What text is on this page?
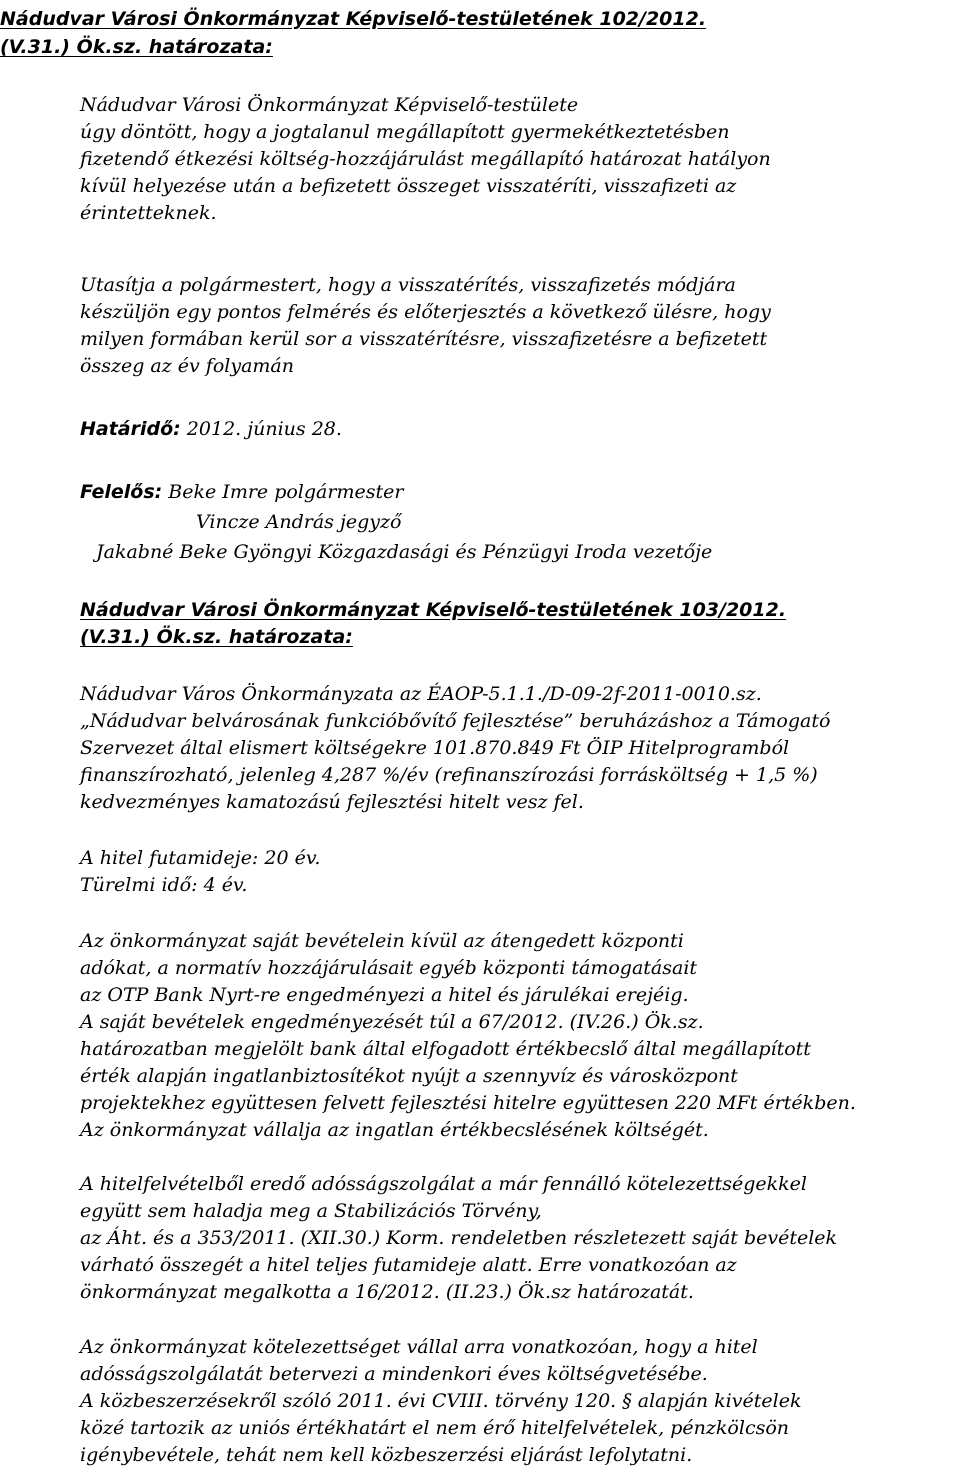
Nádudvar Városi Önkormányzat Képviselő-testületének 102/2012.
(V.31.) Ök.sz. határozata:
Nádudvar Városi Önkormányzat Képviselő-testülete
úgy döntött, hogy a jogtalanul megállapított gyermekétkeztetésben
fizetendő étkezési költség-hozzájárulást megállapító határozat hatályon
kívül helyezése után a befizetett összeget visszatéríti, visszafizeti az
érintetteknek.
Utasítja a polgármestert, hogy a visszatérítés, visszafizetés módjára
készüljön egy pontos felmérés és előterjesztés a következő ülésre, hogy
milyen formában kerül sor a visszatérítésre, visszafizetésre a befizetett
összeg az év folyamán
Határidő: 2012. június 28.
Felelős: Beke Imre polgármester
Vincze András jegyző
Jakabné Beke Gyöngyi Közgazdasági és Pénzügyi Iroda vezetője
Nádudvar Városi Önkormányzat Képviselő-testületének 103/2012.
(V.31.) Ök.sz. határozata:
Nádudvar Város Önkormányzata az ÉAOP-5.1.1./D-09-2f-2011-0010.sz.
„Nádudvar belvárosának funkcióbővítő fejlesztése” beruházáshoz a Támogató
Szervezet által elismert költségekre 101.870.849 Ft ÖIP Hitelprogramból
finanszírozható, jelenleg 4,287 %/év (refinanszírozási forrásköltség + 1,5 %)
kedvezményes kamatozású fejlesztési hitelt vesz fel.
A hitel futamideje: 20 év.
Türelmi idő: 4 év.
Az önkormányzat saját bevételein kívül az átengedett központi
adókat, a normatív hozzájárulásait egyéb központi támogatásait
az OTP Bank Nyrt-re engedményezi a hitel és járulékai erejéig.
A saját bevételek engedményezését túl a 67/2012. (IV.26.) Ök.sz.
határozatban megjelölt bank által elfogadott értékbecslő által megállapított
érték alapján ingatlanbiztosítékot nyújt a szennyvíz és városközpont
projektekhez együttesen felvett fejlesztési hitelre együttesen 220 MFt értékben.
Az önkormányzat vállalja az ingatlan értékbecslésének költségét.
A hitelfelvételből eredő adósságszolgálat a már fennálló kötelezettségekkel
együtt sem haladja meg a Stabilizációs Törvény,
az Áht. és a 353/2011. (XII.30.) Korm. rendeletben részletezett saját bevételek
várható összegét a hitel teljes futamideje alatt. Erre vonatkozóan az
önkormányzat megalkotta a 16/2012. (II.23.) Ök.sz határozatát.
Az önkormányzat kötelezettséget vállal arra vonatkozóan, hogy a hitel
adósságszolgálatát betervezi a mindenkori éves költségvetésébe.
A közbeszerzésekről szóló 2011. évi CVIII. törvény 120. § alapján kivételek
közé tartozik az uniós értékhatárt el nem érő hitelfelvételek, pénzkölcsön
igénybevétele, tehát nem kell közbeszerzési eljárást lefolytatni.
